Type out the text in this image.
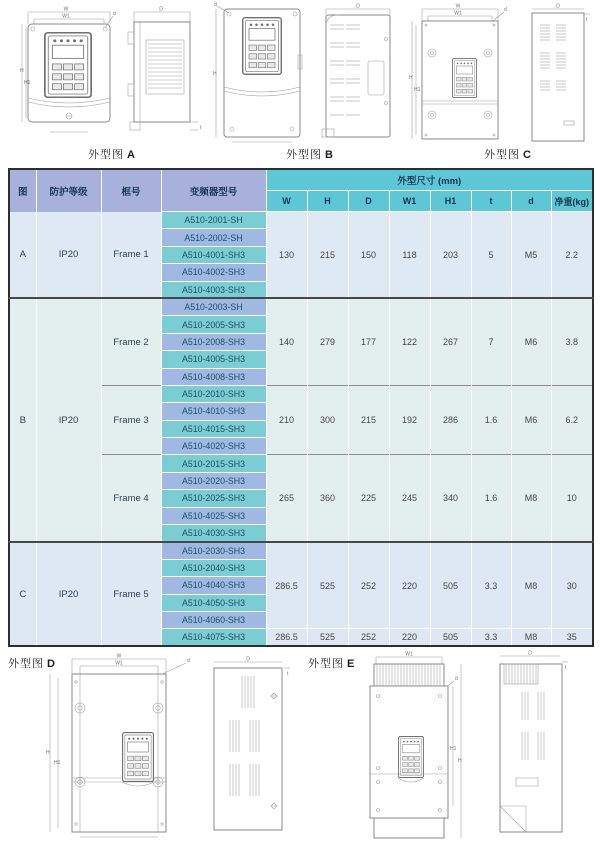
W
W1	d
H
H1
D
t
d
H
D	W
W1
d
H
H1
D
t
外型图 A	外型图 B	外型图 C
图	防护等级	框号	变频器型号	外型尺寸 (mm)							
				W	H	D	W1	H1	t	d	净重(kg)
A	IP20	Frame 1	A510-2001-SH	130	215	150	118	203	5	M5	2.2
			A510-2002-SH								
			A510-4001-SH3								
			A510-4002-SH3								
			A510-4003-SH3								
B	IP20	Frame 2	A510-2003-SH	140	279	177	122	267	7	M6	3.8
			A510-2005-SH3								
			A510-2008-SH3								
			A510-4005-SH3								
			A510-4008-SH3								
		Frame 3	A510-2010-SH3	210	300	215	192	286	1.6	M6	6.2
			A510-4010-SH3								
			A510-4015-SH3								
			A510-4020-SH3								
		Frame 4	A510-2015-SH3	265	360	225	245	340	1.6	M8	10
			A510-2020-SH3								
			A510-2025-SH3								
			A510-4025-SH3								
			A510-4030-SH3								
C	IP20	Frame 5	A510-2030-SH3	286.5	525	252	220	505	3.3	M8	30
			A510-2040-SH3								
			A510-4040-SH3								
			A510-4050-SH3								
			A510-4060-SH3								
			A510-4075-SH3	286.5	525	252	220	505	3.3	M8	35
外型图 D	外型图 E
W
W1	d
H
H1
D
t
W1
d
H1
H
D
t
